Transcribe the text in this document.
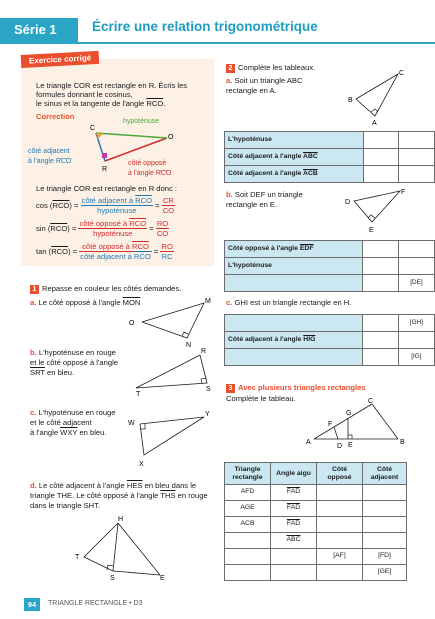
Série 1	Écrire une relation trigonométrique
Exercice corrigé
Le triangle COR est rectangle en R. Écris les
formules donnant le cosinus,
le sinus et la tangente de l'angle $\overline{RCO}$.
Correction
C
O
R
hypoténuse
côté adjacent
à l'angle RCO	côté opposé
à l'angle RCO
Le triangle COR est rectangle en R donc :
$\cos (\overline{RCO}) = \frac{côté adjacent à \overline{RCO}}{\text{hypoténuse}} = \frac{CR}{CO}$
$\sin (\overline{RCO}) = \frac{côté opposé à \overline{RCO}}{\text{hypoténuse}} = \frac{RO}{CO}$
$\tan (\overline{RCO}) = \frac{côté opposé à \overline{RCO}}{côté adjacent à \overline{RCO}} = \frac{RO}{RC}$
1 Repasse en couleur les côtés demandés.
a. Le côté opposé à l'angle $\overline{MON}$
O
M
N
b. L'hypoténuse en rouge
et le côté opposé à l'angle
$\overline{SRT}$ en bleu.
R
S
T
c. L'hypoténuse en rouge
et le côté adjacent
à l'angle $\overline{WXY}$ en bleu.
W
Y
X
d. Le côté adjacent à l'angle $\overline{HES}$ en bleu dans le
triangle THE. Le côté opposé à l'angle $\overline{THS}$ en rouge
dans le triangle SHT.
H
T
S	E
2 Complète les tableaux.
a. Soit un triangle ABC
rectangle en A.
C
B
A
L'hypoténuse		
Côté adjacent à l'angle $\overline{ABC}$		
Côté adjacent à l'angle $\overline{ACB}$		
b. Soit DEF un triangle
rectangle en E.
F
D
E
Côté opposé à l'angle $\overline{EDF}$		
L'hypoténuse		
		[DE]
c. GHI est un triangle rectangle en H.
		[GH]
Côté adjacent à l'angle $\overline{HIG}$		
		[IG]
3 Avec plusieurs triangles rectangles
Complète le tableau.	C
G
F
A
D E	B
Triangle rectangle	Angle aigu	Côté opposé	Côté adjacent
AFD	$\overline{FAD}$		
AGE	$\overline{FAD}$		
ACB	$\overline{FAD}$		
	$\overline{ABC}$		
		[AF]	[FD]
			[GE]
94	TRIANGLE RECTANGLE • D3
